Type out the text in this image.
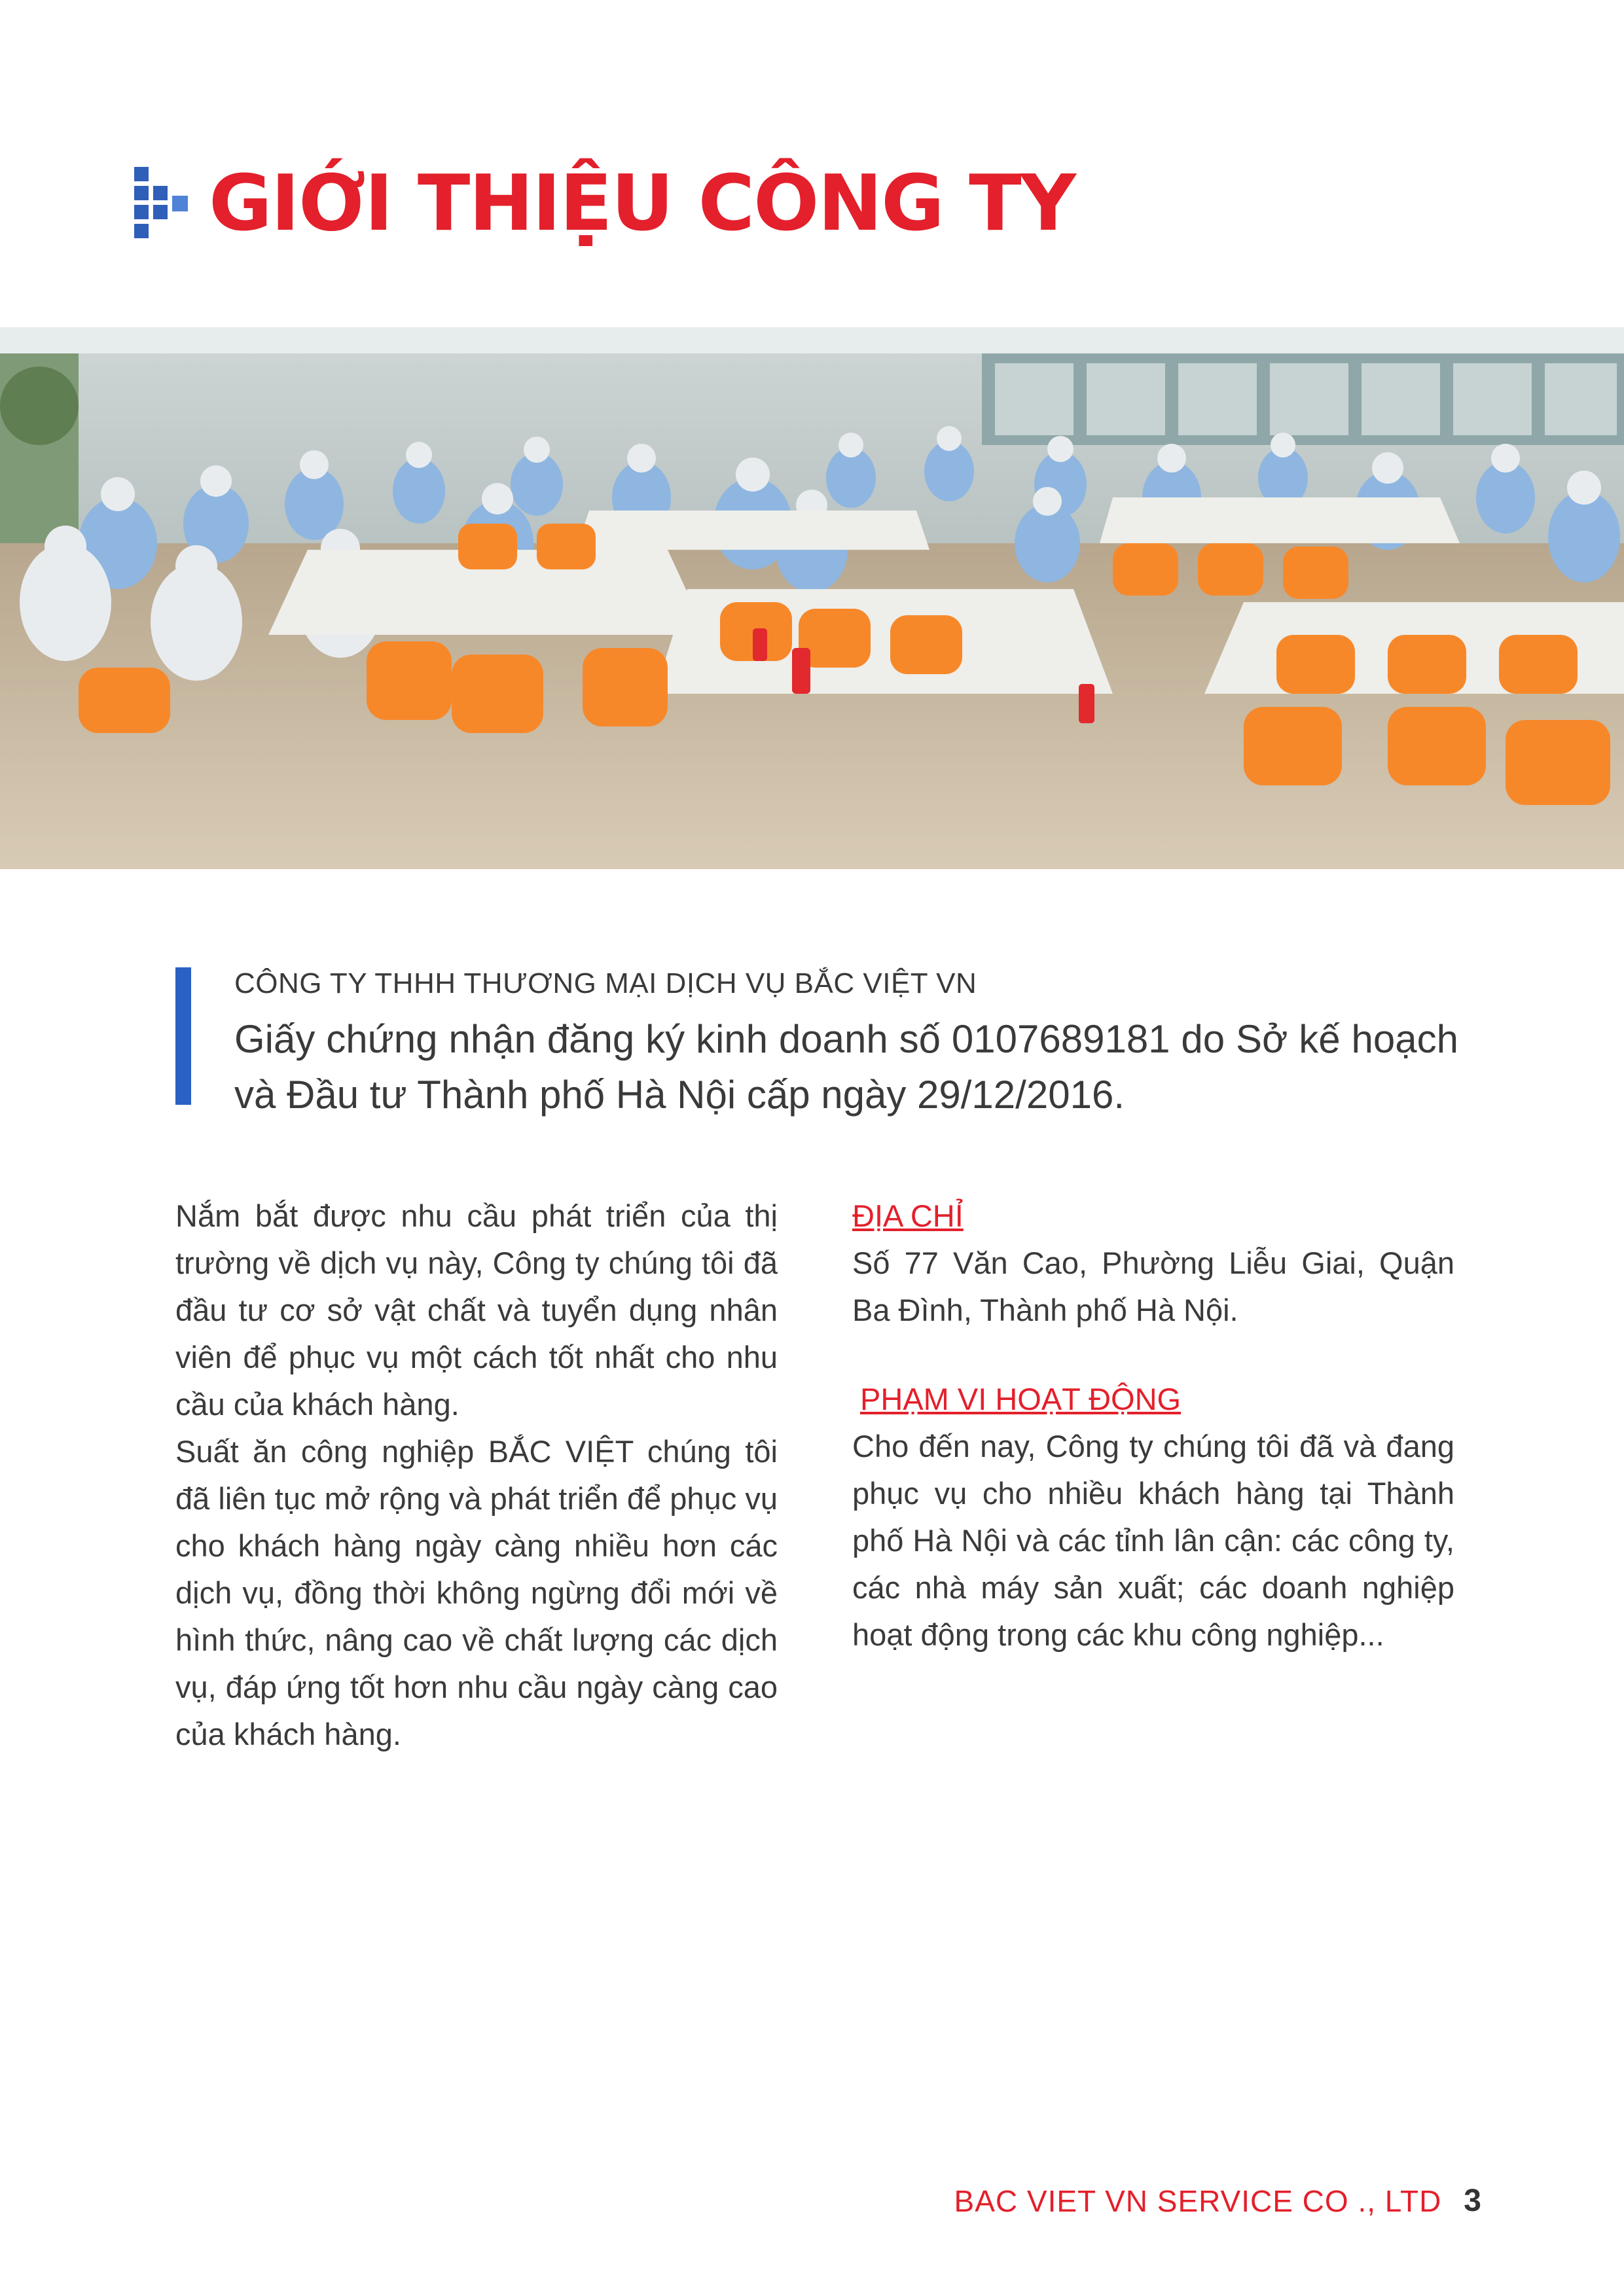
GIỚI THIỆU CÔNG TY
CÔNG TY THHH THƯƠNG MẠI DỊCH VỤ BẮC VIỆT VN
Giấy chứng nhận đăng ký kinh doanh số 0107689181 do Sở kế hoạch và Đầu tư Thành phố Hà Nội cấp ngày 29/12/2016.

Nắm bắt được nhu cầu phát triển của thị trường về dịch vụ này, Công ty chúng tôi đã đầu tư cơ sở vật chất và tuyển dụng nhân viên để phục vụ một cách tốt nhất cho nhu cầu của khách hàng.

Suất ăn công nghiệp BẮC VIỆT chúng tôi đã liên tục mở rộng và phát triển để phục vụ cho khách hàng ngày càng nhiều hơn các dịch vụ, đồng thời không ngừng đổi mới về hình thức, nâng cao về chất lượng các dịch vụ, đáp ứng tốt hơn nhu cầu ngày càng cao của khách hàng.

ĐỊA CHỈ

Số 77 Văn Cao, Phường Liễu Giai, Quận Ba Đình, Thành phố Hà Nội.

PHẠM VI HOẠT ĐỘNG

Cho đến nay, Công ty chúng tôi đã và đang phục vụ cho nhiều khách hàng tại Thành phố Hà Nội và các tỉnh lân cận: các công ty, các nhà máy sản xuất; các doanh nghiệp hoạt động trong các khu công nghiệp...

BAC VIET VN SERVICE CO ., LTD 3
